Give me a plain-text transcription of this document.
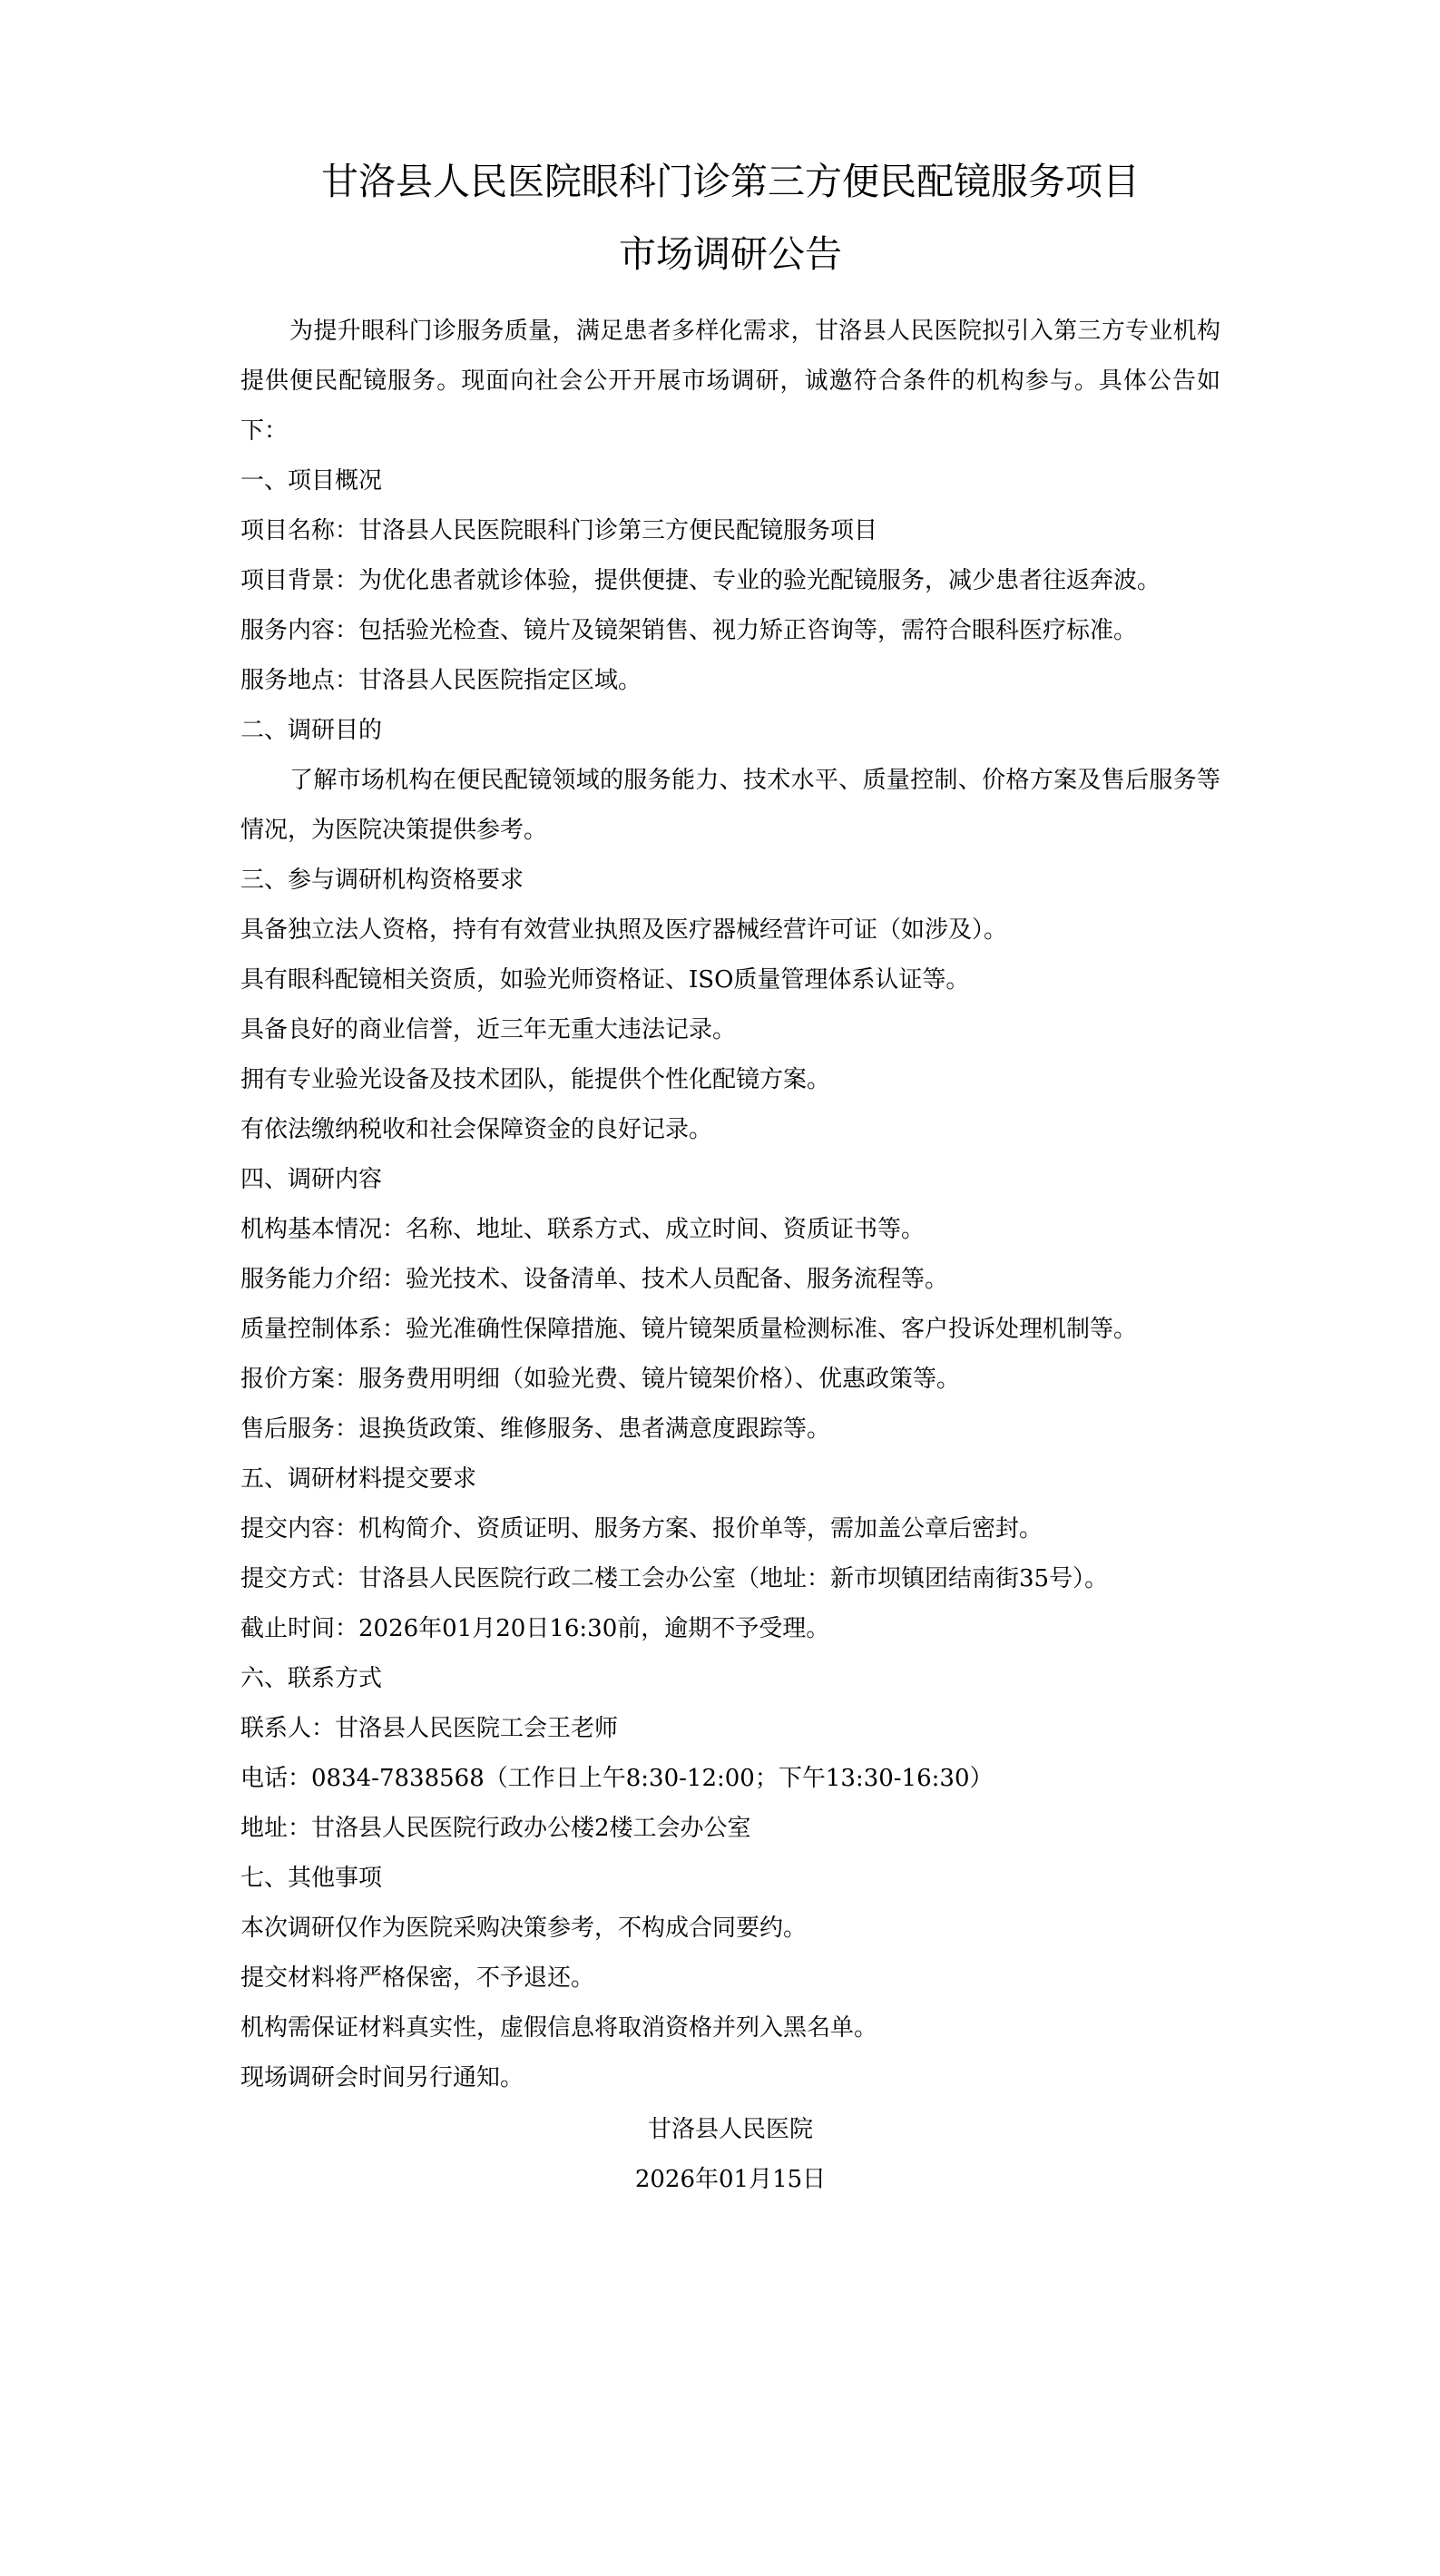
甘洛县人民医院眼科门诊第三方便民配镜服务项目
市场调研公告

为提升眼科门诊服务质量，满足患者多样化需求，甘洛县人民医院拟引入第三方专业机构提供便民配镜服务。现面向社会公开开展市场调研，诚邀符合条件的机构参与。具体公告如下：

一、项目概况

项目名称：甘洛县人民医院眼科门诊第三方便民配镜服务项目

项目背景：为优化患者就诊体验，提供便捷、专业的验光配镜服务，减少患者往返奔波。

服务内容：包括验光检查、镜片及镜架销售、视力矫正咨询等，需符合眼科医疗标准。

服务地点：甘洛县人民医院指定区域。

二、调研目的

了解市场机构在便民配镜领域的服务能力、技术水平、质量控制、价格方案及售后服务等情况，为医院决策提供参考。

三、参与调研机构资格要求

具备独立法人资格，持有有效营业执照及医疗器械经营许可证（如涉及）。

具有眼科配镜相关资质，如验光师资格证、ISO质量管理体系认证等。

具备良好的商业信誉，近三年无重大违法记录。

拥有专业验光设备及技术团队，能提供个性化配镜方案。

有依法缴纳税收和社会保障资金的良好记录。

四、调研内容

机构基本情况：名称、地址、联系方式、成立时间、资质证书等。

服务能力介绍：验光技术、设备清单、技术人员配备、服务流程等。

质量控制体系：验光准确性保障措施、镜片镜架质量检测标准、客户投诉处理机制等。

报价方案：服务费用明细（如验光费、镜片镜架价格）、优惠政策等。

售后服务：退换货政策、维修服务、患者满意度跟踪等。

五、调研材料提交要求

提交内容：机构简介、资质证明、服务方案、报价单等，需加盖公章后密封。

提交方式：甘洛县人民医院行政二楼工会办公室（地址：新市坝镇团结南街35号）。

截止时间：2026年01月20日16:30前，逾期不予受理。

六、联系方式

联系人：甘洛县人民医院工会王老师

电话：0834-7838568（工作日上午8:30-12:00；下午13:30-16:30）

地址：甘洛县人民医院行政办公楼2楼工会办公室

七、其他事项

本次调研仅作为医院采购决策参考，不构成合同要约。

提交材料将严格保密，不予退还。

机构需保证材料真实性，虚假信息将取消资格并列入黑名单。

现场调研会时间另行通知。

甘洛县人民医院

2026年01月15日
